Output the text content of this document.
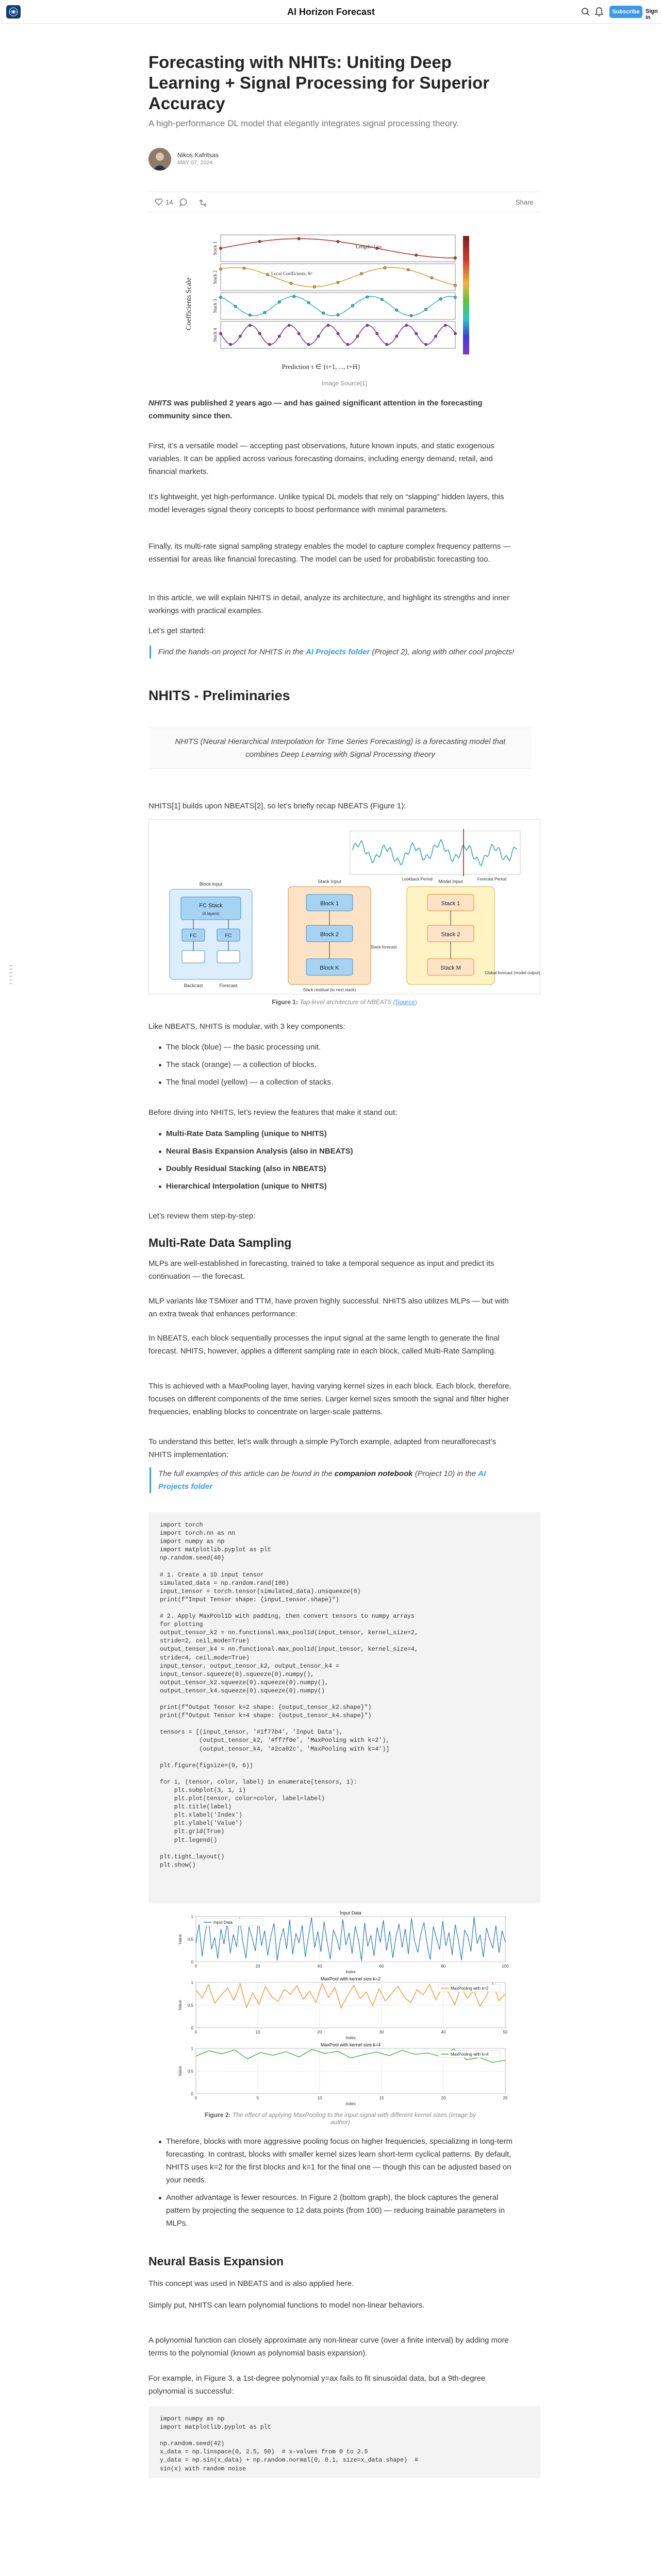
AI Horizon Forecast	Subscribe	Sign in
Forecasting with NHITs: Uniting Deep Learning + Signal Processing for Superior Accuracy
A high-performance DL model that elegantly integrates signal processing theory.
Nikos Kafritsas
MAY 07, 2024
14	Share
Coefficients Scale
Prediction τ ∈ {t+1, ..., t+H}
Stack 1
Stack 2
Stack 3
Stack 4
Length=1/ωₗ
Local Coefficients: θₗʰ
Image Source[1]

NHITS was published 2 years ago — and has gained significant attention in the forecasting community since then.

First, it’s a versatile model — accepting past observations, future known inputs, and static exogenous variables. It can be applied across various forecasting domains, including energy demand, retail, and financial markets.

It’s lightweight, yet high-performance. Unlike typical DL models that rely on “slapping” hidden layers, this model leverages signal theory concepts to boost performance with minimal parameters.

Finally, its multi-rate signal sampling strategy enables the model to capture complex frequency patterns — essential for areas like financial forecasting. The model can be used for probabilistic forecasting too.

In this article, we will explain NHITS in detail, analyze its architecture, and highlight its strengths and inner workings with practical examples.

Let’s get started:

Find the hands-on project for NHITS in the AI Projects folder (Project 2), along with other cool projects!
NHITS - Preliminaries
NHITS (Neural Hierarchical Interpolation for Time Series Forecasting) is a forecasting model that combines Deep Learning with Signal Processing theory

NHITS[1] builds upon NBEATS[2], so let’s briefly recap NBEATS (Figure 1):

Lookback Period	Forecast Period
Block Input
FC Stack
(4 layers)
FC	FC
Backcast	Forecast
Stack Input
Block 1
Block 2
Block K
Stack residual (to next stack)
Stack forecast
Model Input
Stack 1
Stack 2
Stack M
Global forecast (model output)
Figure 1: Top-level architecture of NBEATS (Source)

Like NBEATS, NHITS is modular, with 3 key components:

The block (blue) — the basic processing unit.
The stack (orange) — a collection of blocks.
The final model (yellow) — a collection of stacks.

Before diving into NHITS, let’s review the features that make it stand out:

Multi-Rate Data Sampling (unique to NHITS)
Neural Basis Expansion Analysis (also in NBEATS)
Doubly Residual Stacking (also in NBEATS)
Hierarchical Interpolation (unique to NHITS)

Let’s review them step-by-step:

Multi-Rate Data Sampling

MLPs are well-established in forecasting, trained to take a temporal sequence as input and predict its continuation — the forecast.

MLP variants like TSMixer and TTM, have proven highly successful. NHITS also utilizes MLPs — but with an extra tweak that enhances performance:

In NBEATS, each block sequentially processes the input signal at the same length to generate the final forecast. NHITS, however, applies a different sampling rate in each block, called Multi-Rate Sampling.

This is achieved with a MaxPooling layer, having varying kernel sizes in each block. Each block, therefore, focuses on different components of the time series. Larger kernel sizes smooth the signal and filter higher frequencies, enabling blocks to concentrate on larger-scale patterns.

To understand this better, let’s walk through a simple PyTorch example, adapted from neuralforecast’s NHITS implementation:

The full examples of this article can be found in the companion notebook (Project 10) in the AI Projects folder
import torch
import torch.nn as nn
import numpy as np
import matplotlib.pyplot as plt
np.random.seed(40)

# 1. Create a 1D input tensor
simulated_data = np.random.rand(100)
input_tensor = torch.tensor(simulated_data).unsqueeze(0)
print(f"Input Tensor shape: {input_tensor.shape}")

# 2. Apply MaxPool1D with padding, then convert tensors to numpy arrays
for plotting
output_tensor_k2 = nn.functional.max_pool1d(input_tensor, kernel_size=2,
stride=2, ceil_mode=True)
output_tensor_k4 = nn.functional.max_pool1d(input_tensor, kernel_size=4,
stride=4, ceil_mode=True)
input_tensor, output_tensor_k2, output_tensor_k4 =
input_tensor.squeeze(0).squeeze(0).numpy(),
output_tensor_k2.squeeze(0).squeeze(0).numpy(),
output_tensor_k4.squeeze(0).squeeze(0).numpy()

print(f"Output Tensor k=2 shape: {output_tensor_k2.shape}")
print(f"Output Tensor k=4 shape: {output_tensor_k4.shape}")

tensors = [(input_tensor, '#1f77b4', 'Input Data'),
(output_tensor_k2, '#ff7f0e', 'MaxPooling with k=2'),
(output_tensor_k4, '#2ca02c', 'MaxPooling with k=4')]

plt.figure(figsize=(9, 6))

for i, (tensor, color, label) in enumerate(tensors, 1):
plt.subplot(3, 1, i)
plt.plot(tensor, color=color, label=label)
plt.title(label)
plt.xlabel('Index')
plt.ylabel('Value')
plt.grid(True)
plt.legend()

plt.tight_layout()
plt.show()
0	20	40	60	80	100
0
0.5
1
Input Data
Index
Value
Input Data
0	10	20	30	40	50
0
0.5
1
MaxPool with kernel size k=2
Index
Value
MaxPooling with k=2
0	5	10	15	20	25
0
0.5
1
MaxPool with kernel size k=4
Index
Value
MaxPooling with k=4
Figure 2: The effect of applying MaxPooling to the input signal with different kernel sizes (image by author)
Therefore, blocks with more aggressive pooling focus on higher frequencies, specializing in long-term forecasting. In contrast, blocks with smaller kernel sizes learn short-term cyclical patterns. By default, NHITS uses k=2 for the first blocks and k=1 for the final one — though this can be adjusted based on your needs.
Another advantage is fewer resources. In Figure 2 (bottom graph), the block captures the general pattern by projecting the sequence to 12 data points (from 100) — reducing trainable parameters in MLPs.
Neural Basis Expansion

This concept was used in NBEATS and is also applied here.

Simply put, NHITS can learn polynomial functions to model non-linear behaviors.

A polynomial function can closely approximate any non-linear curve (over a finite interval) by adding more terms to the polynomial (known as polynomial basis expansion).

For example, in Figure 3, a 1st-degree polynomial y=ax fails to fit sinusoidal data, but a 9th-degree polynomial is successful:

import numpy as np
import matplotlib.pyplot as plt

np.random.seed(42)
x_data = np.linspace(0, 2.5, 50)  # x-values from 0 to 2.5
y_data = np.sin(x_data) + np.random.normal(0, 0.1, size=x_data.shape)  #
sin(x) with random noise
